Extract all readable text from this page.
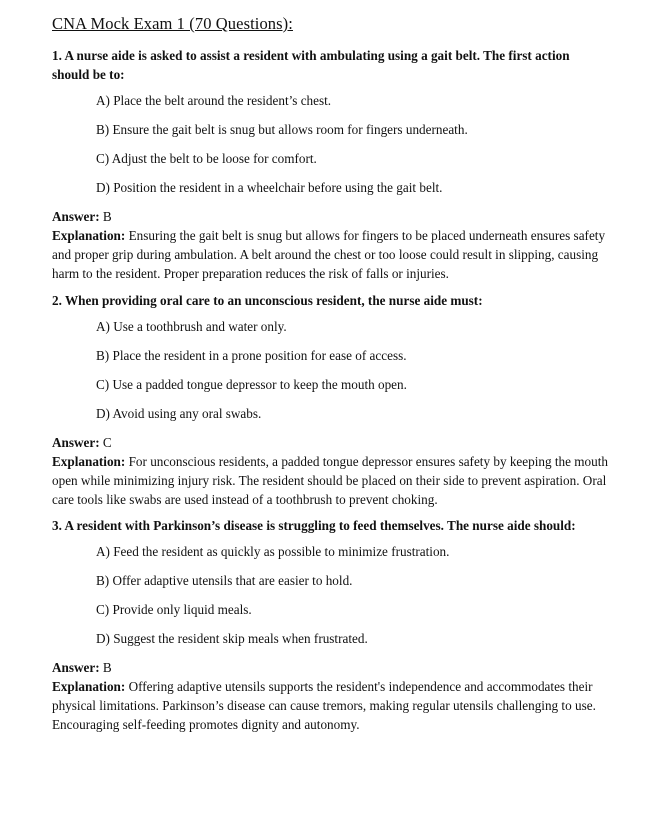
CNA Mock Exam 1 (70 Questions):
1. A nurse aide is asked to assist a resident with ambulating using a gait belt. The first action should be to:
A) Place the belt around the resident’s chest.
B) Ensure the gait belt is snug but allows room for fingers underneath.
C) Adjust the belt to be loose for comfort.
D) Position the resident in a wheelchair before using the gait belt.
Answer: B
Explanation: Ensuring the gait belt is snug but allows for fingers to be placed underneath ensures safety and proper grip during ambulation. A belt around the chest or too loose could result in slipping, causing harm to the resident. Proper preparation reduces the risk of falls or injuries.
2. When providing oral care to an unconscious resident, the nurse aide must:
A) Use a toothbrush and water only.
B) Place the resident in a prone position for ease of access.
C) Use a padded tongue depressor to keep the mouth open.
D) Avoid using any oral swabs.
Answer: C
Explanation: For unconscious residents, a padded tongue depressor ensures safety by keeping the mouth open while minimizing injury risk. The resident should be placed on their side to prevent aspiration. Oral care tools like swabs are used instead of a toothbrush to prevent choking.
3. A resident with Parkinson’s disease is struggling to feed themselves. The nurse aide should:
A) Feed the resident as quickly as possible to minimize frustration.
B) Offer adaptive utensils that are easier to hold.
C) Provide only liquid meals.
D) Suggest the resident skip meals when frustrated.
Answer: B
Explanation: Offering adaptive utensils supports the resident's independence and accommodates their physical limitations. Parkinson’s disease can cause tremors, making regular utensils challenging to use. Encouraging self-feeding promotes dignity and autonomy.
